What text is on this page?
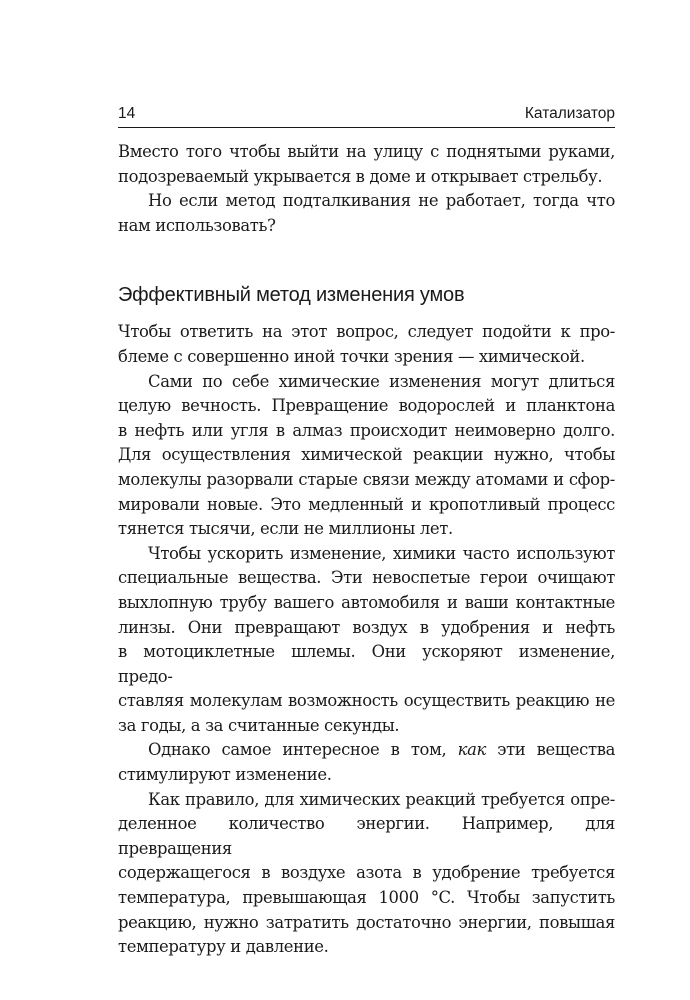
14	Катализатор

Вместо того чтобы выйти на улицу с поднятыми руками,
подозреваемый укрывается в доме и открывает стрельбу.

Но если метод подталкивания не работает, тогда что
нам использовать?

Эффективный метод изменения умов

Чтобы ответить на этот вопрос, следует подойти к про-
блеме с совершенно иной точки зрения — химической.

Сами по себе химические изменения могут длиться
целую вечность. Превращение водорослей и планктона
в нефть или угля в алмаз происходит неимоверно долго.
Для осуществления химической реакции нужно, чтобы
молекулы разорвали старые связи между атомами и сфор-
мировали новые. Это медленный и кропотливый процесс
тянется тысячи, если не миллионы лет.

Чтобы ускорить изменение, химики часто используют
специальные вещества. Эти невоспетые герои очищают
выхлопную трубу вашего автомобиля и ваши контактные
линзы. Они превращают воздух в удобрения и нефть
в мотоциклетные шлемы. Они ускоряют изменение, предо-
ставляя молекулам возможность осуществить реакцию не
за годы, а за считанные секунды.

Однако самое интересное в том, как эти вещества
стимулируют изменение.

Как правило, для химических реакций требуется опре-
деленное количество энергии. Например, для превращения
содержащегося в воздухе азота в удобрение требуется
температура, превышающая 1000 °C. Чтобы запустить
реакцию, нужно затратить достаточно энергии, повышая
температуру и давление.
